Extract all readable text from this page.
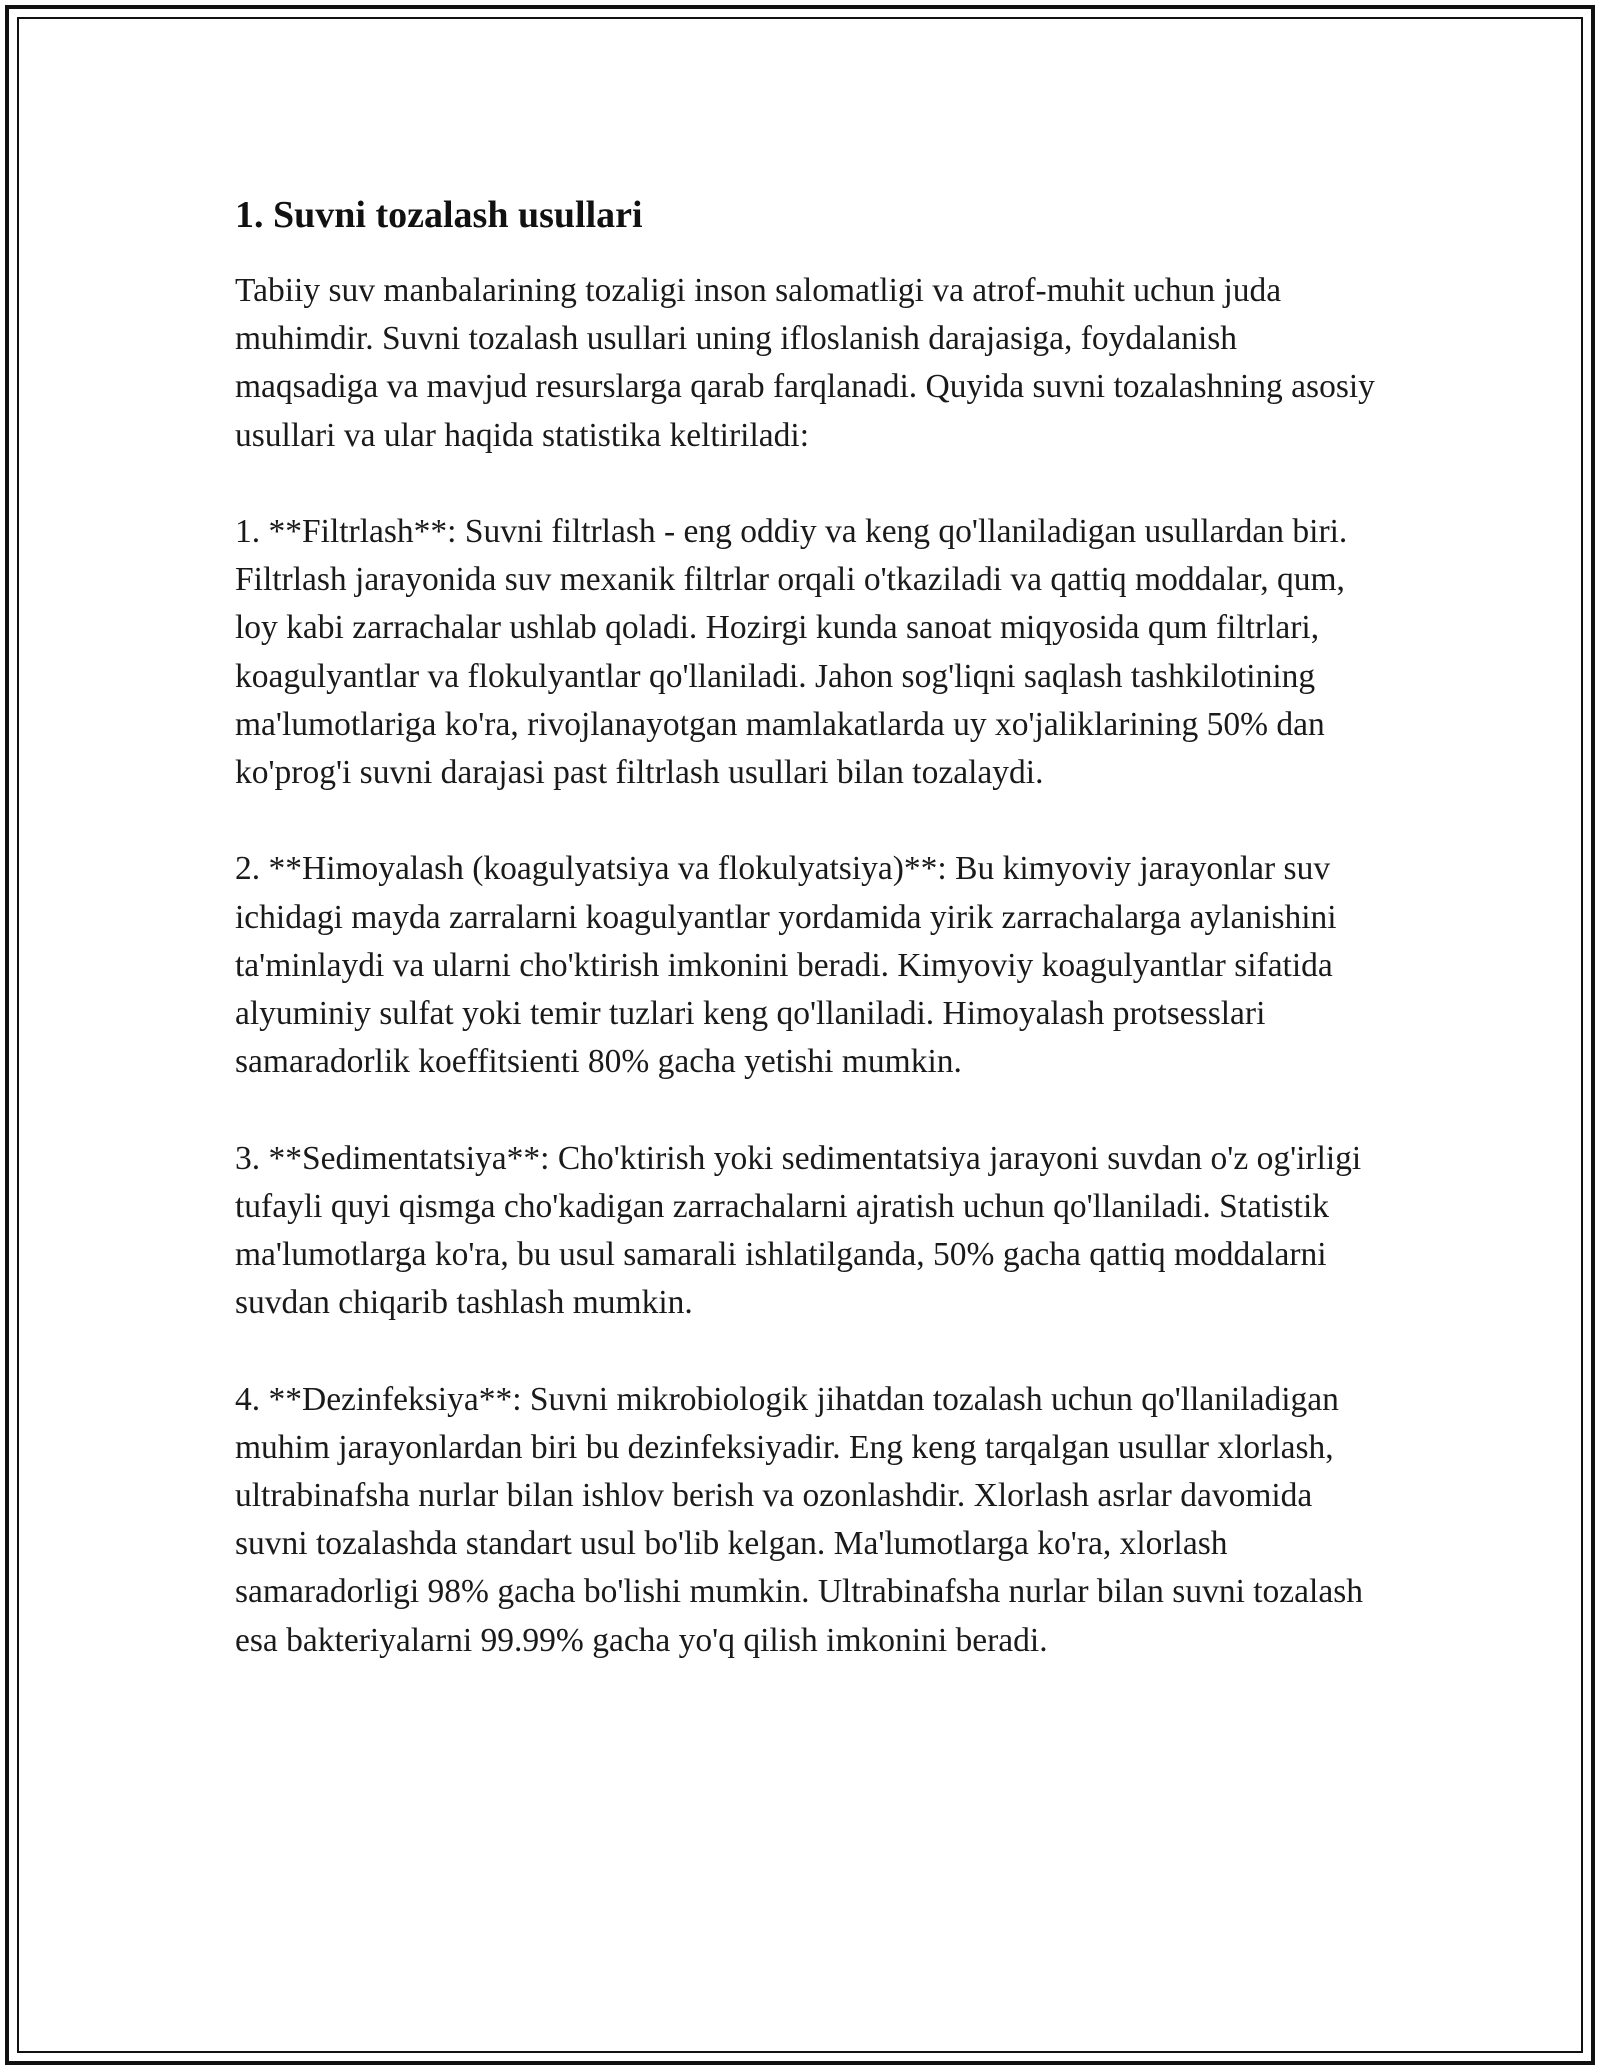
1. Suvni tozalash usullari

Tabiiy suv manbalarining tozaligi inson salomatligi va atrof-muhit uchun juda muhimdir. Suvni tozalash usullari uning ifloslanish darajasiga, foydalanish maqsadiga va mavjud resurslarga qarab farqlanadi. Quyida suvni tozalashning asosiy usullari va ular haqida statistika keltiriladi:

1. **Filtrlash**: Suvni filtrlash - eng oddiy va keng qo'llaniladigan usullardan biri. Filtrlash jarayonida suv mexanik filtrlar orqali o'tkaziladi va qattiq moddalar, qum, loy kabi zarrachalar ushlab qoladi. Hozirgi kunda sanoat miqyosida qum filtrlari, koagulyantlar va flokulyantlar qo'llaniladi. Jahon sog'liqni saqlash tashkilotining ma'lumotlariga ko'ra, rivojlanayotgan mamlakatlarda uy xo'jaliklarining 50% dan ko'prog'i suvni darajasi past filtrlash usullari bilan tozalaydi.

2. **Himoyalash (koagulyatsiya va flokulyatsiya)**: Bu kimyoviy jarayonlar suv ichidagi mayda zarralarni koagulyantlar yordamida yirik zarrachalarga aylanishini ta'minlaydi va ularni cho'ktirish imkonini beradi. Kimyoviy koagulyantlar sifatida alyuminiy sulfat yoki temir tuzlari keng qo'llaniladi. Himoyalash protsesslari samaradorlik koeffitsienti 80% gacha yetishi mumkin.

3. **Sedimentatsiya**: Cho'ktirish yoki sedimentatsiya jarayoni suvdan o'z og'irligi tufayli quyi qismga cho'kadigan zarrachalarni ajratish uchun qo'llaniladi. Statistik ma'lumotlarga ko'ra, bu usul samarali ishlatilganda, 50% gacha qattiq moddalarni suvdan chiqarib tashlash mumkin.

4. **Dezinfeksiya**: Suvni mikrobiologik jihatdan tozalash uchun qo'llaniladigan muhim jarayonlardan biri bu dezinfeksiyadir. Eng keng tarqalgan usullar xlorlash, ultrabinafsha nurlar bilan ishlov berish va ozonlashdir. Xlorlash asrlar davomida suvni tozalashda standart usul bo'lib kelgan. Ma'lumotlarga ko'ra, xlorlash samaradorligi 98% gacha bo'lishi mumkin. Ultrabinafsha nurlar bilan suvni tozalash esa bakteriyalarni 99.99% gacha yo'q qilish imkonini beradi.
